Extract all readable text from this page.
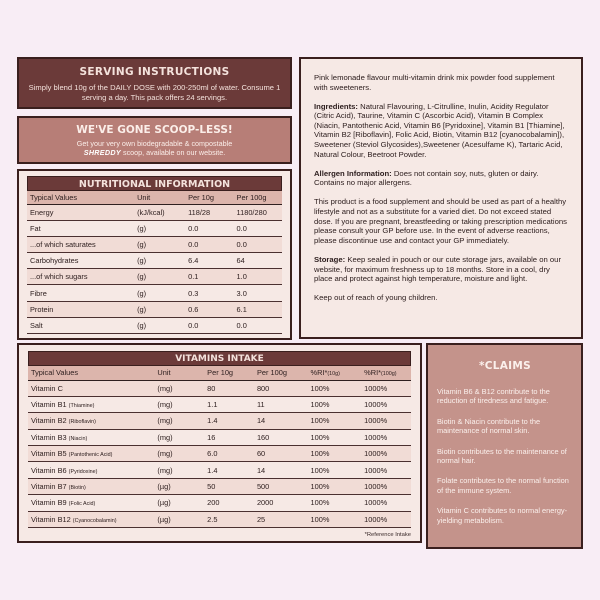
SERVING INSTRUCTIONS
Simply blend 10g of the DAILY DOSE with 200-250ml of water. Consume 1 serving a day. This pack offers 24 servings.
WE'VE GONE SCOOP-LESS!
Get your very own biodegradable & compostable
SHREDDY scoop, available on our website.
NUTRITIONAL INFORMATION
Typical Values	Unit	Per 10g	Per 100g
Energy	(kJ/kcal)	118/28	1180/280
Fat	(g)	0.0	0.0
...of which saturates	(g)	0.0	0.0
Carbohydrates	(g)	6.4	64
...of which sugars	(g)	0.1	1.0
Fibre	(g)	0.3	3.0
Protein	(g)	0.6	6.1
Salt	(g)	0.0	0.0

Pink lemonade flavour multi-vitamin drink mix powder food supplement with sweeteners.

Ingredients: Natural Flavouring, L-Citrulline, Inulin, Acidity Regulator (Citric Acid), Taurine, Vitamin C (Ascorbic Acid), Vitamin B Complex (Niacin, Pantothenic Acid, Vitamin B6 [Pyridoxine], Vitamin B1 [Thiamine], Vitamin B2 [Riboflavin], Folic Acid, Biotin, Vitamin B12 [cyanocobalamin]), Sweetener (Steviol Glycosides),Sweetener (Acesulfame K), Tartaric Acid, Natural Colour, Beetroot Powder.

Allergen Information: Does not contain soy, nuts, gluten or dairy. Contains no major allergens.

This product is a food supplement and should be used as part of a healthy lifestyle and not as a substitute for a varied diet. Do not exceed stated dose. If you are pregnant, breastfeeding or taking prescription medications please consult your GP before use. In the event of adverse reactions, please discontinue use and contact your GP immediately.

Storage: Keep sealed in pouch or our cute storage jars, available on our website, for maximum freshness up to 18 months. Store in a cool, dry place and protect against high temperature, moisture and light.

Keep out of reach of young children.

VITAMINS INTAKE
Typical Values	Unit	Per 10g	Per 100g	%RI*(10g)	%RI*(100g)
Vitamin C	(mg)	80	800	100%	1000%
Vitamin B1 (Thiamine)	(mg)	1.1	11	100%	1000%
Vitamin B2 (Riboflavin)	(mg)	1.4	14	100%	1000%
Vitamin B3 (Niacin)	(mg)	16	160	100%	1000%
Vitamin B5 (Pantothenic Acid)	(mg)	6.0	60	100%	1000%
Vitamin B6 (Pyridoxine)	(mg)	1.4	14	100%	1000%
Vitamin B7 (Biotin)	(µg)	50	500	100%	1000%
Vitamin B9 (Folic Acid)	(µg)	200	2000	100%	1000%
Vitamin B12 (Cyanocobalamin)	(µg)	2.5	25	100%	1000%
*Reference Intake
*CLAIMS
Vitamin B6 & B12 contribute to the reduction of tiredness and fatigue.
Biotin & Niacin contribute to the maintenance of normal skin.
Biotin contributes to the maintenance of normal hair.
Folate contributes to the normal function of the immune system.
Vitamin C contributes to normal energy-yielding metabolism.
